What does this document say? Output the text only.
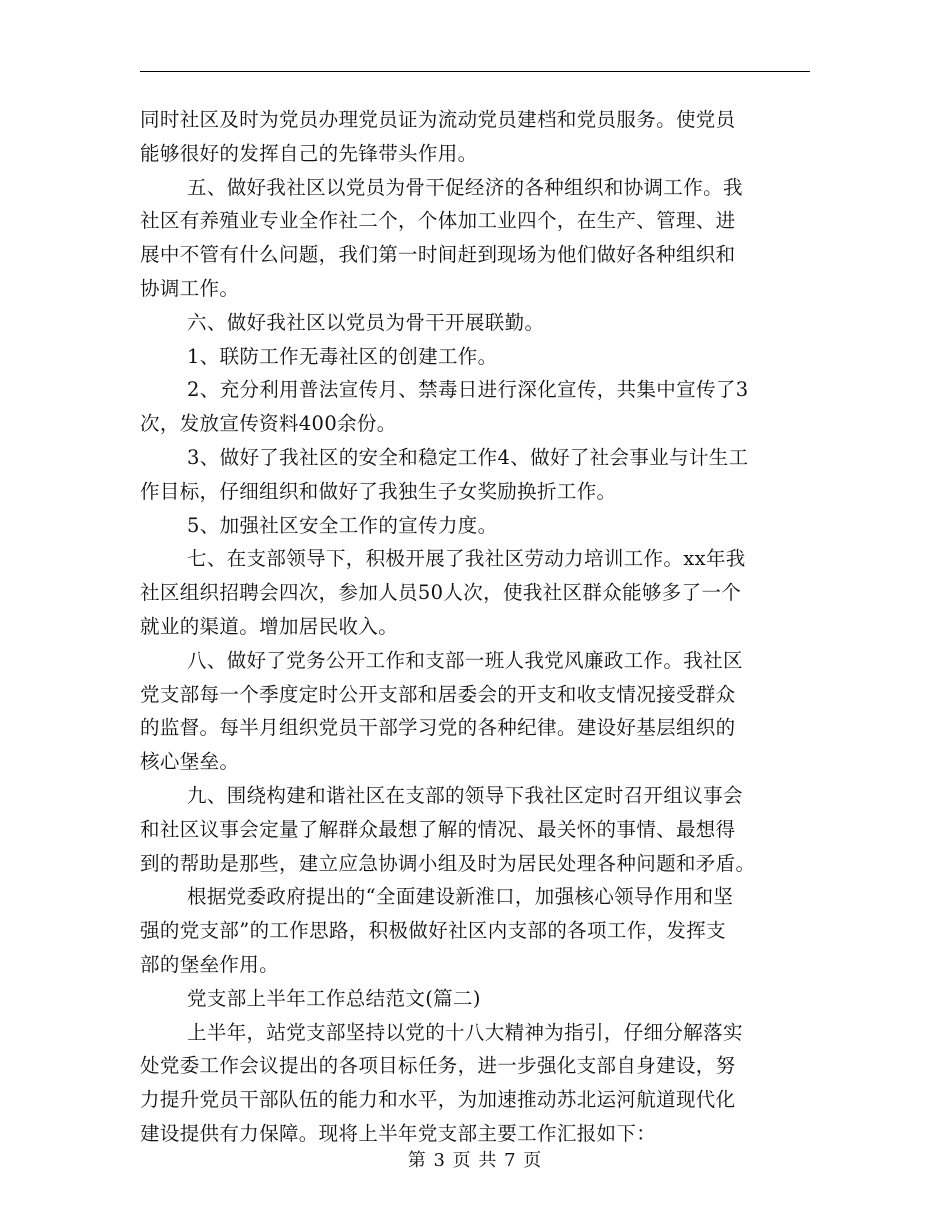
同时社区及时为党员办理党员证为流动党员建档和党员服务。使党员
能够很好的发挥自己的先锋带头作用。
五、做好我社区以党员为骨干促经济的各种组织和协调工作。我
社区有养殖业专业全作社二个，个体加工业四个，在生产、管理、进
展中不管有什么问题，我们第一时间赶到现场为他们做好各种组织和
协调工作。
六、做好我社区以党员为骨干开展联勤。
1、联防工作无毒社区的创建工作。
2、充分利用普法宣传月、禁毒日进行深化宣传，共集中宣传了3
次，发放宣传资料400余份。
3、做好了我社区的安全和稳定工作4、做好了社会事业与计生工
作目标，仔细组织和做好了我独生子女奖励换折工作。
5、加强社区安全工作的宣传力度。
七、在支部领导下，积极开展了我社区劳动力培训工作。xx年我
社区组织招聘会四次，参加人员50人次，使我社区群众能够多了一个
就业的渠道。增加居民收入。
八、做好了党务公开工作和支部一班人我党风廉政工作。我社区
党支部每一个季度定时公开支部和居委会的开支和收支情况接受群众
的监督。每半月组织党员干部学习党的各种纪律。建设好基层组织的
核心堡垒。
九、围绕构建和谐社区在支部的领导下我社区定时召开组议事会
和社区议事会定量了解群众最想了解的情况、最关怀的事情、最想得
到的帮助是那些，建立应急协调小组及时为居民处理各种问题和矛盾。
根据党委政府提出的“全面建设新淮口，加强核心领导作用和坚
强的党支部”的工作思路，积极做好社区内支部的各项工作，发挥支
部的堡垒作用。
党支部上半年工作总结范文(篇二)
上半年，站党支部坚持以党的十八大精神为指引，仔细分解落实
处党委工作会议提出的各项目标任务，进一步强化支部自身建设，努
力提升党员干部队伍的能力和水平，为加速推动苏北运河航道现代化
建设提供有力保障。现将上半年党支部主要工作汇报如下：
第 3 页 共 7 页
